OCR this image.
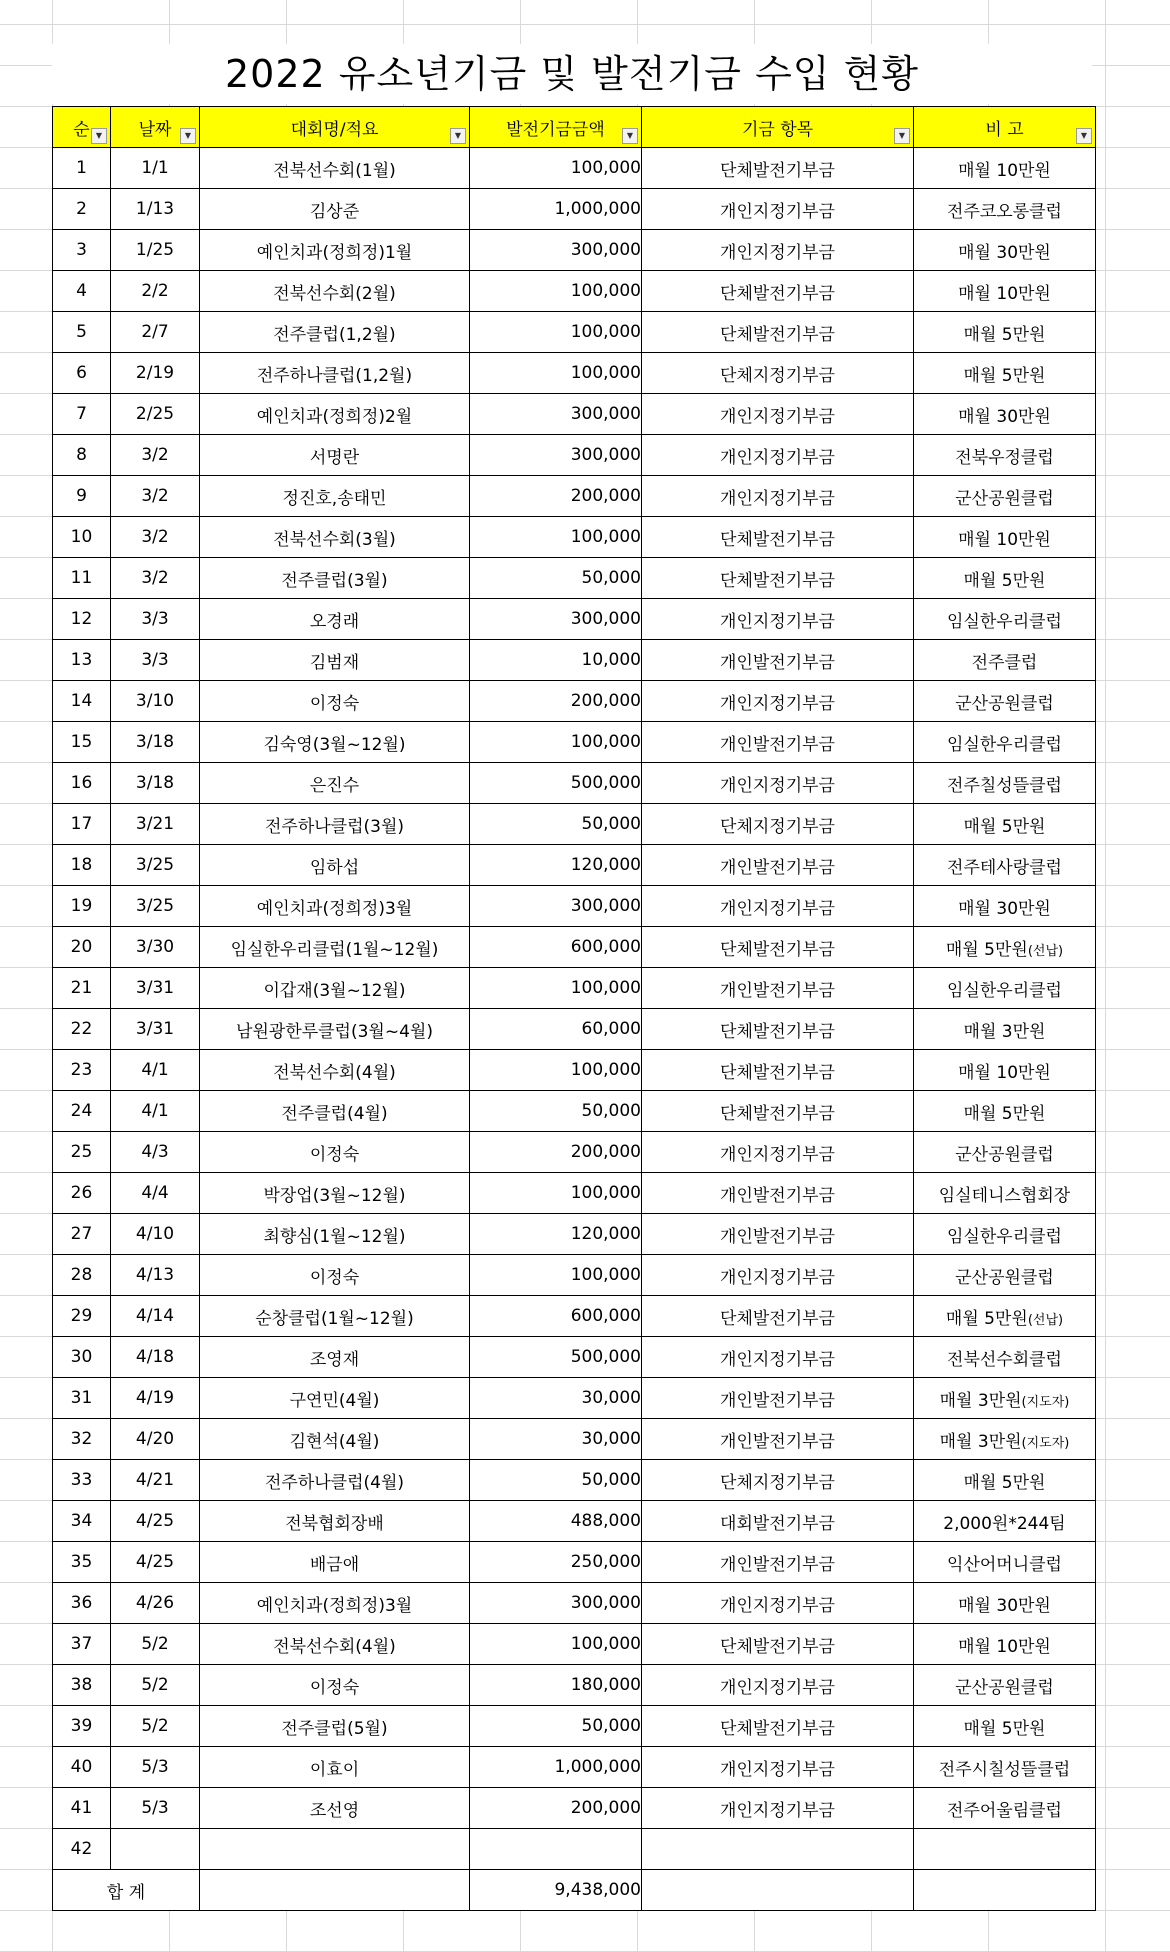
2022 유소년기금 및 발전기금 수입 현황
순 ▼	날짜 ▼	대회명/적요 ▼	발전기금금액 ▼	기금 항목 ▼	비 고 ▼

1	1/1	전북선수회(1월)	100,000	단체발전기부금	매월 10만원
2	1/13	김상준	1,000,000	개인지정기부금	전주코오롱클럽
3	1/25	예인치과(정희정)1월	300,000	개인지정기부금	매월 30만원
4	2/2	전북선수회(2월)	100,000	단체발전기부금	매월 10만원
5	2/7	전주클럽(1,2월)	100,000	단체발전기부금	매월 5만원
6	2/19	전주하나클럽(1,2월)	100,000	단체지정기부금	매월 5만원
7	2/25	예인치과(정희정)2월	300,000	개인지정기부금	매월 30만원
8	3/2	서명란	300,000	개인지정기부금	전북우정클럽
9	3/2	정진호,송태민	200,000	개인지정기부금	군산공원클럽
10	3/2	전북선수회(3월)	100,000	단체발전기부금	매월 10만원
11	3/2	전주클럽(3월)	50,000	단체발전기부금	매월 5만원
12	3/3	오경래	300,000	개인지정기부금	임실한우리클럽
13	3/3	김범재	10,000	개인발전기부금	전주클럽
14	3/10	이정숙	200,000	개인지정기부금	군산공원클럽
15	3/18	김숙영(3월~12월)	100,000	개인발전기부금	임실한우리클럽
16	3/18	은진수	500,000	개인지정기부금	전주칠성뜰클럽
17	3/21	전주하나클럽(3월)	50,000	단체지정기부금	매월 5만원
18	3/25	임하섭	120,000	개인발전기부금	전주테사랑클럽
19	3/25	예인치과(정희정)3월	300,000	개인지정기부금	매월 30만원
20	3/30	임실한우리클럽(1월~12월)	600,000	단체발전기부금	매월 5만원(선납)
21	3/31	이갑재(3월~12월)	100,000	개인발전기부금	임실한우리클럽
22	3/31	남원광한루클럽(3월~4월)	60,000	단체발전기부금	매월 3만원
23	4/1	전북선수회(4월)	100,000	단체발전기부금	매월 10만원
24	4/1	전주클럽(4월)	50,000	단체발전기부금	매월 5만원
25	4/3	이정숙	200,000	개인지정기부금	군산공원클럽
26	4/4	박장업(3월~12월)	100,000	개인발전기부금	임실테니스협회장
27	4/10	최향심(1월~12월)	120,000	개인발전기부금	임실한우리클럽
28	4/13	이정숙	100,000	개인지정기부금	군산공원클럽
29	4/14	순창클럽(1월~12월)	600,000	단체발전기부금	매월 5만원(선납)
30	4/18	조영재	500,000	개인지정기부금	전북선수회클럽
31	4/19	구연민(4월)	30,000	개인발전기부금	매월 3만원(지도자)
32	4/20	김현석(4월)	30,000	개인발전기부금	매월 3만원(지도자)
33	4/21	전주하나클럽(4월)	50,000	단체지정기부금	매월 5만원
34	4/25	전북협회장배	488,000	대회발전기부금	2,000원*244팀
35	4/25	배금애	250,000	개인발전기부금	익산어머니클럽
36	4/26	예인치과(정희정)3월	300,000	개인지정기부금	매월 30만원
37	5/2	전북선수회(4월)	100,000	단체발전기부금	매월 10만원
38	5/2	이정숙	180,000	개인지정기부금	군산공원클럽
39	5/2	전주클럽(5월)	50,000	단체발전기부금	매월 5만원
40	5/3	이효이	1,000,000	개인지정기부금	전주시칠성뜰클럽
41	5/3	조선영	200,000	개인지정기부금	전주어울림클럽
42					
합 계			9,438,000		
